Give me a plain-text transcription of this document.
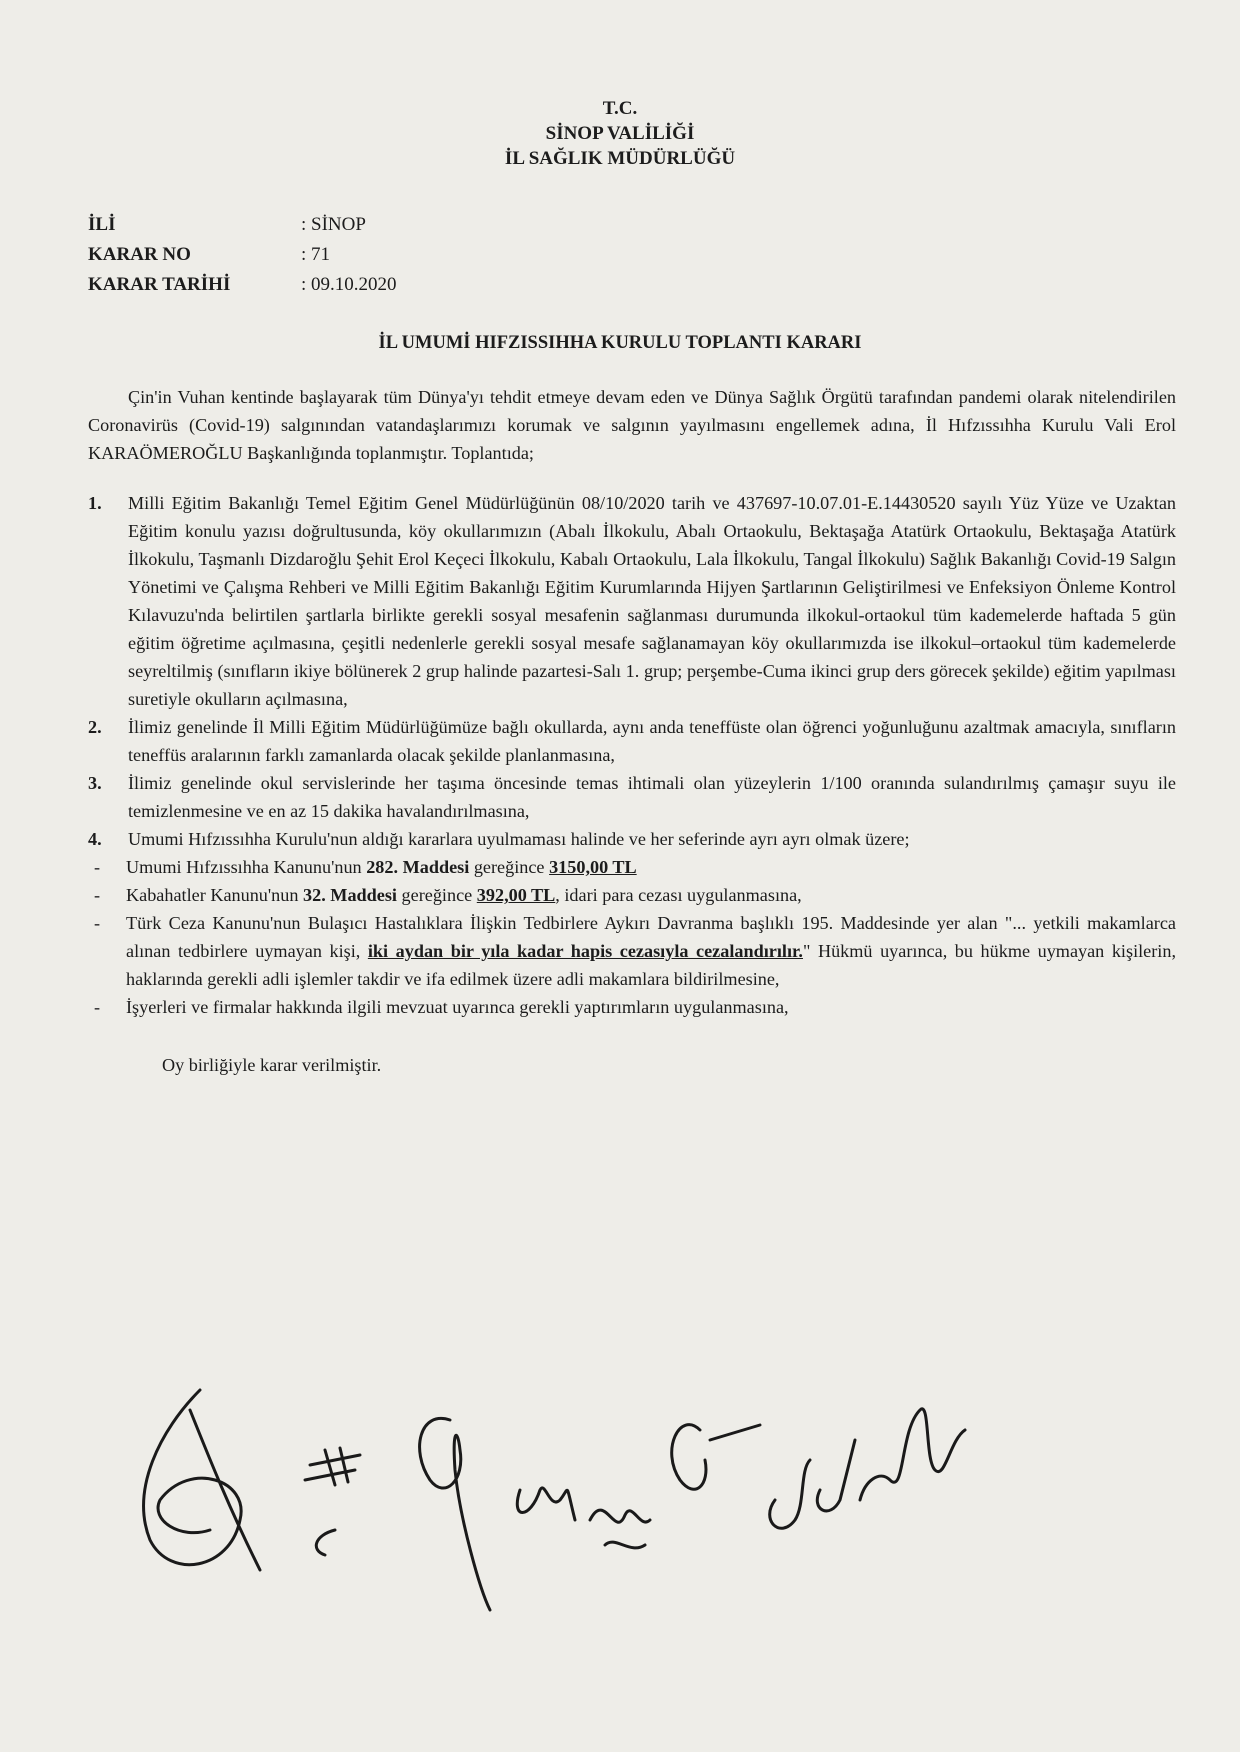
T.C.
SİNOP VALİLİĞİ
İL SAĞLIK MÜDÜRLÜĞÜ
İLİ	: SİNOP
KARAR NO	: 71
KARAR TARİHİ	: 09.10.2020
İL UMUMİ HIFZISSIHHA KURULU TOPLANTI KARARI

Çin'in Vuhan kentinde başlayarak tüm Dünya'yı tehdit etmeye devam eden ve Dünya Sağlık Örgütü tarafından pandemi olarak nitelendirilen Coronavirüs (Covid-19) salgınından vatandaşlarımızı korumak ve salgının yayılmasını engellemek adına, İl Hıfzıssıhha Kurulu Vali Erol KARAÖMEROĞLU Başkanlığında toplanmıştır. Toplantıda;

1.	Milli Eğitim Bakanlığı Temel Eğitim Genel Müdürlüğünün 08/10/2020 tarih ve 437697-10.07.01-E.14430520 sayılı Yüz Yüze ve Uzaktan Eğitim konulu yazısı doğrultusunda, köy okullarımızın (Abalı İlkokulu, Abalı Ortaokulu, Bektaşağa Atatürk Ortaokulu, Bektaşağa Atatürk İlkokulu, Taşmanlı Dizdaroğlu Şehit Erol Keçeci İlkokulu, Kabalı Ortaokulu, Lala İlkokulu, Tangal İlkokulu) Sağlık Bakanlığı Covid-19 Salgın Yönetimi ve Çalışma Rehberi ve Milli Eğitim Bakanlığı Eğitim Kurumlarında Hijyen Şartlarının Geliştirilmesi ve Enfeksiyon Önleme Kontrol Kılavuzu'nda belirtilen şartlarla birlikte gerekli sosyal mesafenin sağlanması durumunda ilkokul-ortaokul tüm kademelerde haftada 5 gün eğitim öğretime açılmasına, çeşitli nedenlerle gerekli sosyal mesafe sağlanamayan köy okullarımızda ise ilkokul–ortaokul tüm kademelerde seyreltilmiş (sınıfların ikiye bölünerek 2 grup halinde pazartesi-Salı 1. grup; perşembe-Cuma ikinci grup ders görecek şekilde) eğitim yapılması suretiyle okulların açılmasına,
2.	İlimiz genelinde İl Milli Eğitim Müdürlüğümüze bağlı okullarda, aynı anda teneffüste olan öğrenci yoğunluğunu azaltmak amacıyla, sınıfların teneffüs aralarının farklı zamanlarda olacak şekilde planlanmasına,
3.	İlimiz genelinde okul servislerinde her taşıma öncesinde temas ihtimali olan yüzeylerin 1/100 oranında sulandırılmış çamaşır suyu ile temizlenmesine ve en az 15 dakika havalandırılmasına,
4.	Umumi Hıfzıssıhha Kurulu'nun aldığı kararlara uyulmaması halinde ve her seferinde ayrı ayrı olmak üzere;
-	Umumi Hıfzıssıhha Kanunu'nun 282. Maddesi gereğince 3150,00 TL
-	Kabahatler Kanunu'nun 32. Maddesi gereğince 392,00 TL, idari para cezası uygulanmasına,
-	Türk Ceza Kanunu'nun Bulaşıcı Hastalıklara İlişkin Tedbirlere Aykırı Davranma başlıklı 195. Maddesinde yer alan "... yetkili makamlarca alınan tedbirlere uymayan kişi, iki aydan bir yıla kadar hapis cezasıyla cezalandırılır." Hükmü uyarınca, bu hükme uymayan kişilerin, haklarında gerekli adli işlemler takdir ve ifa edilmek üzere adli makamlara bildirilmesine,
-	İşyerleri ve firmalar hakkında ilgili mevzuat uyarınca gerekli yaptırımların uygulanmasına,
Oy birliğiyle karar verilmiştir.
